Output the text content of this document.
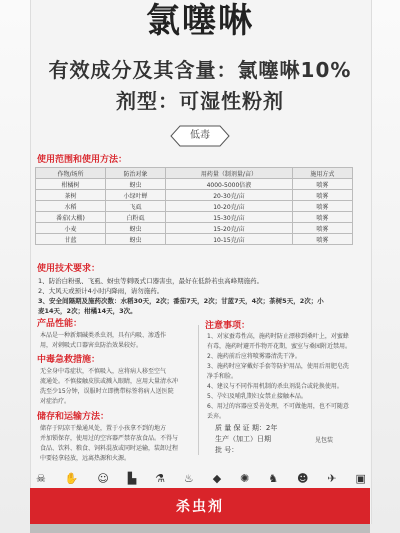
氯噻啉
有效成分及其含量：氯噻啉10%
剂型：可湿性粉剂
低毒
使用范围和使用方法：
作物/场所	防治对象	用药量（制剂量/亩）	施用方式
柑橘树	蚜虫	4000-5000倍液	喷雾
茶树	小绿叶蝉	20-30克/亩	喷雾
水稻	飞虱	10-20克/亩	喷雾
番茄(大棚)	白粉虱	15-30克/亩	喷雾
小麦	蚜虫	15-20克/亩	喷雾
甘蓝	蚜虫	10-15克/亩	喷雾
使用技术要求：
1、防治白粉虱、飞虱、蚜虫等刺吸式口器害虫，最好在低龄若虫高峰期施药。
2、大风天或预计4小时内降雨，请勿施药。
3、安全间隔期及施药次数：水稻30天，2次；番茄7天，2次；甘蓝7天，4次；茶树5天，2次；小
麦14天，2次；柑橘14天，3次。
产品性能：
本品是一种新烟碱类杀虫剂，具有内吸、渗透作
用，对刺吸式口器害虫防治效果较好。
中毒急救措施：
无全身中毒症状，不慎吸入，应将病人移至空气
流通处。不慎接触皮肤或溅入眼睛，应用大量清水冲
洗至少15分钟，误服时立即携带标签将病人送医院
对症治疗。
储存和运输方法：
储存于阴凉干燥通风处，置于小孩拿不到的地方
并加锁保存，使用过的空容器严禁存放食品。不得与
食品、饮料、粮食、饲料混放或同时运输，装卸过程
中要轻拿轻放，远离热源和火源。
注意事项：
1、对家蚕毒性高，施药时防止漂移到桑叶上，对蜜蜂
有毒，施药时避开作物开花期，蜜室与桑园附近禁用。
2、施药前后应将喷雾器清洗干净。
3、施药时应穿戴好手套等防护用品，使用后用肥皂洗
净手和脸。
4、建议与不同作用机制的杀虫剂混合或轮换使用。
5、孕妇及哺乳期妇女禁止接触本品。
6、用过的容器应妥善处理，不可做他用，也不可随意
丢弃。
质 量 保 证 期：2年
生产（加工）日期
批 号：
见包装
☠ ✋ ☺ ▙ ⚗ ♨ ◆ ✺ ♞ ☻ ✈ ▣
杀虫剂
